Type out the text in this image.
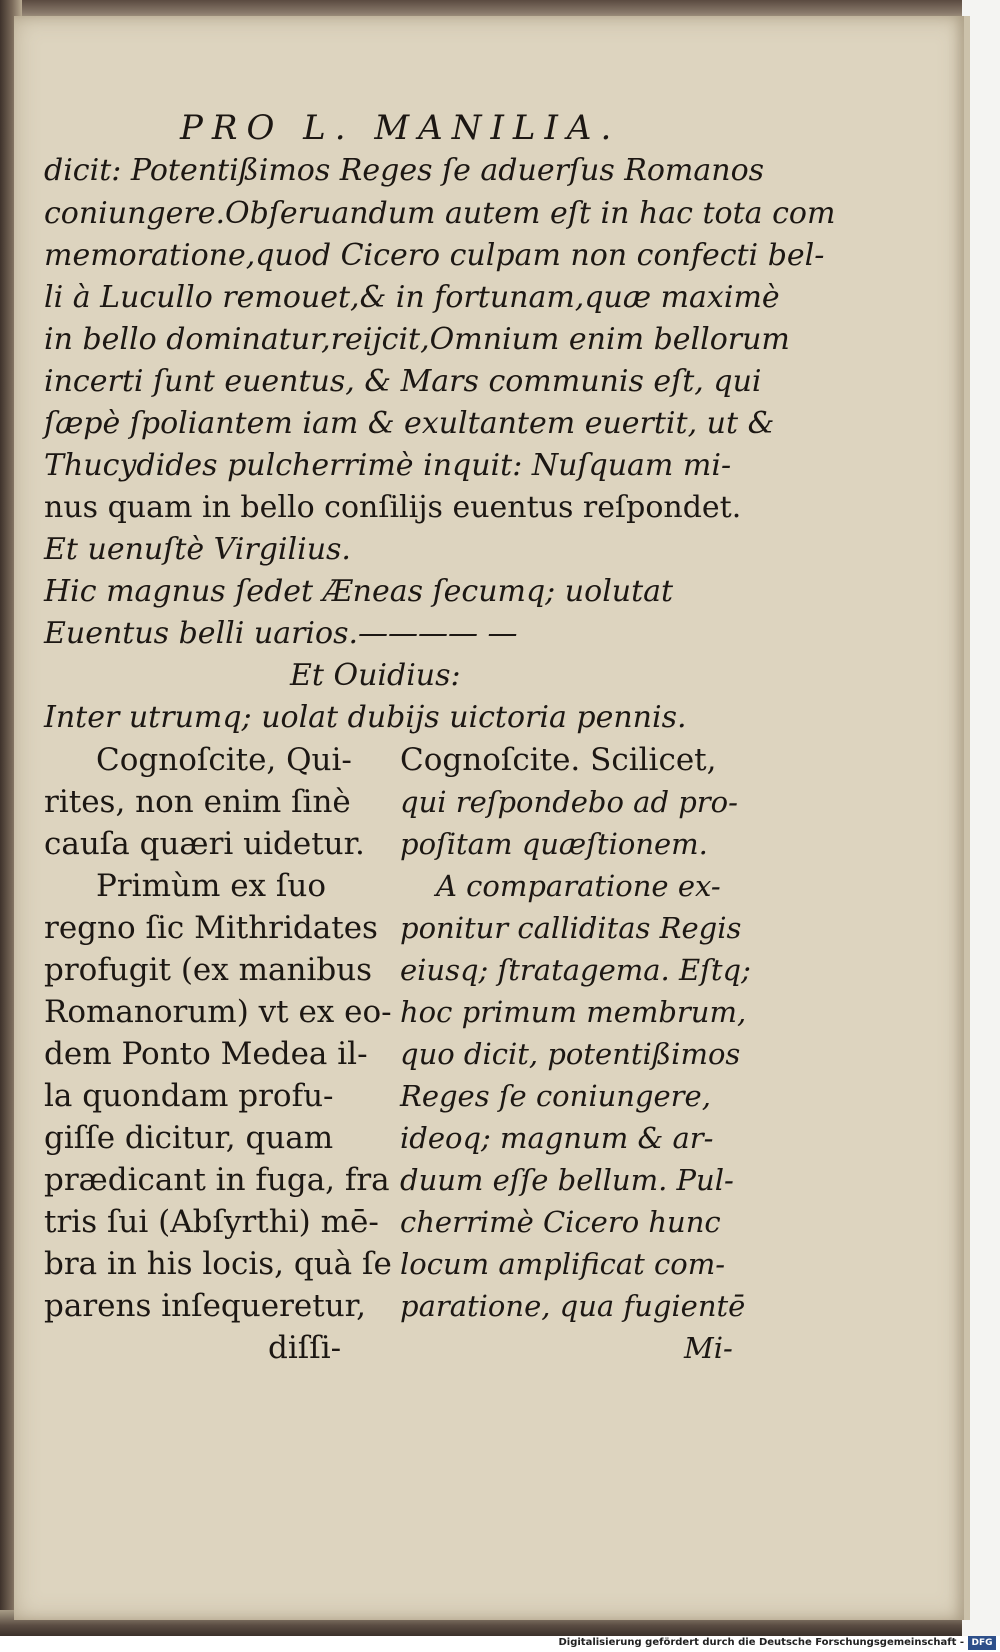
PRO L. MANILIA.
dicit: Potentißimos Reges ſe aduerſus Romanos
coniungere.Obſeruandum autem eſt in hac tota com
memoratione,quod Cicero culpam non confecti bel-
li à Lucullo remouet,& in fortunam,quæ maximè
in bello dominatur,reijcit,Omnium enim bellorum
incerti ſunt euentus, & Mars communis eſt, qui
ſæpè ſpoliantem iam & exultantem euertit, ut &
Thucydides pulcherrimè inquit: Nuſquam mi-
nus quam in bello conſilijs euentus reſpondet.
Et uenuſtè Virgilius.
Hic magnus ſedet Æneas ſecumq; uolutat
Euentus belli uarios.———— —
Et Ouidius:
Inter utrumq; uolat dubijs uictoria pennis.
Cognoſcite, Qui-
rites, non enim ſinè
cauſa quæri uidetur.
Primùm ex ſuo
regno ſic Mithridates
profugit (ex manibus
Romanorum) vt ex eo-
dem Ponto Medea il-
la quondam profu-
giſſe dicitur, quam
prædicant in fuga, fra
tris ſui (Abſyrthi) mē-
bra in his locis, quà ſe
parens inſequeretur,
diſſi-
Cognoſcite. Scilicet,
qui reſpondebo ad pro-
poſitam quæſtionem.
A comparatione ex-
ponitur calliditas Regis
eiusq; ſtratagema. Eſtq;
hoc primum membrum,
quo dicit, potentißimos
Reges ſe coniungere,
ideoq; magnum & ar-
duum eſſe bellum. Pul-
cherrimè Cicero hunc
locum amplificat com-
paratione, qua fugientē
Mi-
Digitalisierung gefördert durch die Deutsche Forschungsgemeinschaft - DFG
